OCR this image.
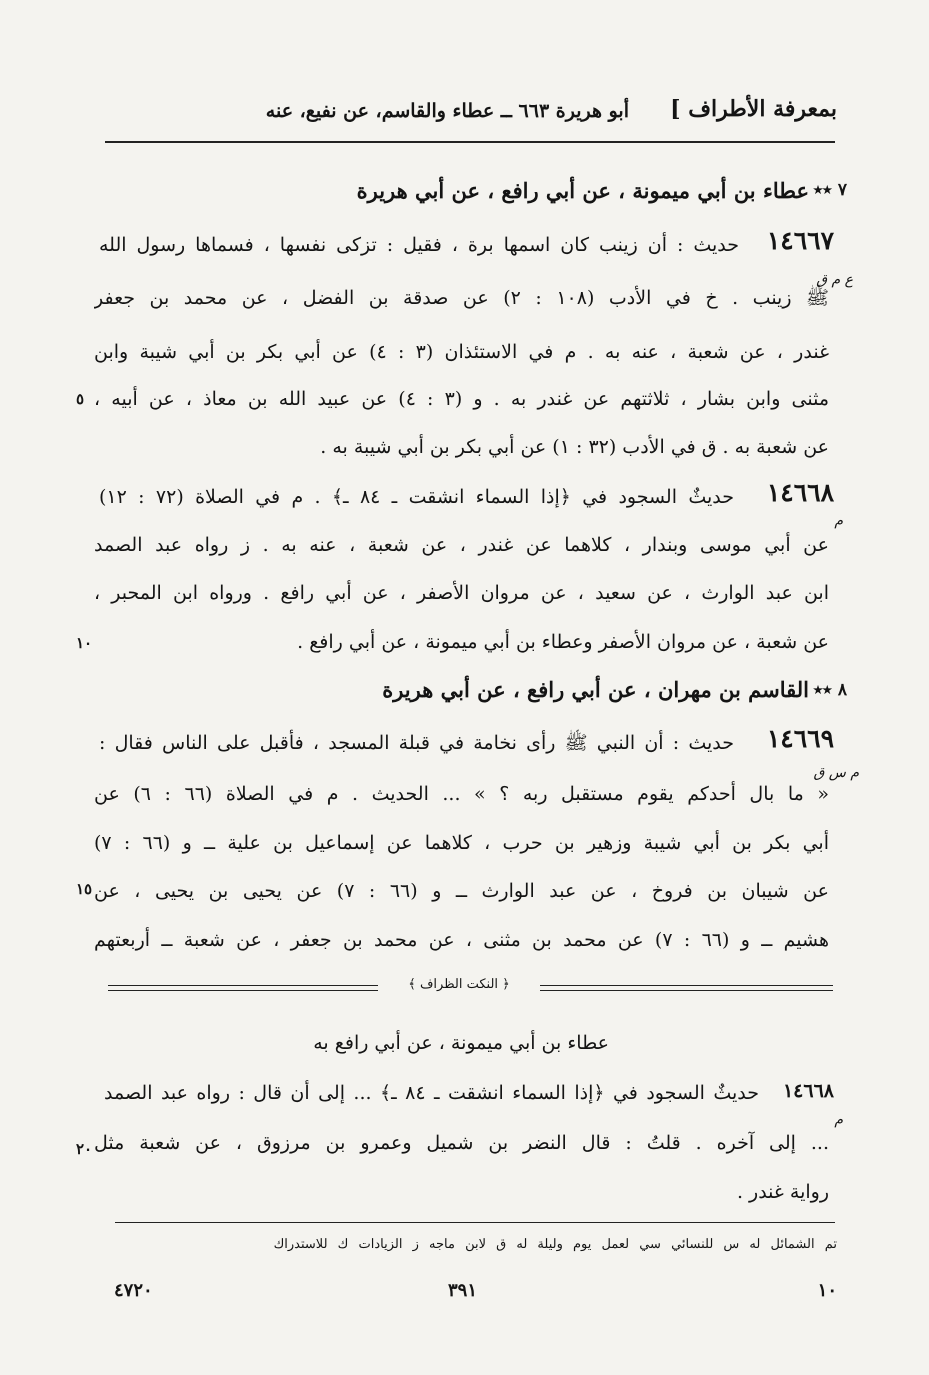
بمعرفة الأطراف ]
أبو هريرة ٦٦٣ ــ عطاء والقاسم، عن نفيع، عنه
٧ ٭٭
عطاء بن أبي ميمونة ، عن أبي رافع ، عن أبي هريرة
١٤٦٦٧
ع م ق
حديث : أن زينب كان اسمها برة ، فقيل : تزكى نفسها ، فسماها رسول الله
ﷺ زينب . خ في الأدب (١٠٨ : ٢) عن صدقة بن الفضل ، عن محمد بن جعفر
غندر ، عن شعبة ، عنه به . م في الاستئذان (٣ : ٤) عن أبي بكر بن أبي شيبة وابن
مثنى وابن بشار ، ثلاثتهم عن غندر به . و (٣ : ٤) عن عبيد الله بن معاذ ، عن أبيه ،
عن شعبة به . ق في الأدب (٣٢ : ١) عن أبي بكر بن أبي شيبة به .
١٤٦٦٨
م
حديثٌ السجود في ﴿إذا السماء انشقت ـ ٨٤ ـ﴾ . م في الصلاة (٧٢ : ١٢)
عن أبي موسى وبندار ، كلاهما عن غندر ، عن شعبة ، عنه به . ز رواه عبد الصمد
ابن عبد الوارث ، عن سعيد ، عن مروان الأصفر ، عن أبي رافع . ورواه ابن المحبر ،
عن شعبة ، عن مروان الأصفر وعطاء بن أبي ميمونة ، عن أبي رافع .
٨ ٭٭
القاسم بن مهران ، عن أبي رافع ، عن أبي هريرة
١٤٦٦٩
م س ق
حديث : أن النبي ﷺ رأى نخامة في قبلة المسجد ، فأقبل على الناس فقال :
« ما بال أحدكم يقوم مستقبل ربه ؟ » ... الحديث . م في الصلاة (٦٦ : ٦) عن
أبي بكر بن أبي شيبة وزهير بن حرب ، كلاهما عن إسماعيل بن علية ــ و (٦٦ : ٧)
عن شيبان بن فروخ ، عن عبد الوارث ــ و (٦٦ : ٧) عن يحيى بن يحيى ، عن
هشيم ــ و (٦٦ : ٧) عن محمد بن مثنى ، عن محمد بن جعفر ، عن شعبة ــ أربعتهم
٥
١٠
١٥
٢٠
﴿ النكت الظراف ﴾
عطاء بن أبي ميمونة ، عن أبي رافع به
١٤٦٦٨
م
حديثٌ السجود في ﴿إذا السماء انشقت ـ ٨٤ ـ﴾ ... إلى أن قال : رواه عبد الصمد
... إلى آخره . قلتُ : قال النضر بن شميل وعمرو بن مرزوق ، عن شعبة مثل
رواية غندر .
تم الشمائل له س للنسائي سي لعمل يوم وليلة له ق لابن ماجه ز الزيادات ك للاستدراك
١٠
٣٩١
٤٧٢٠
